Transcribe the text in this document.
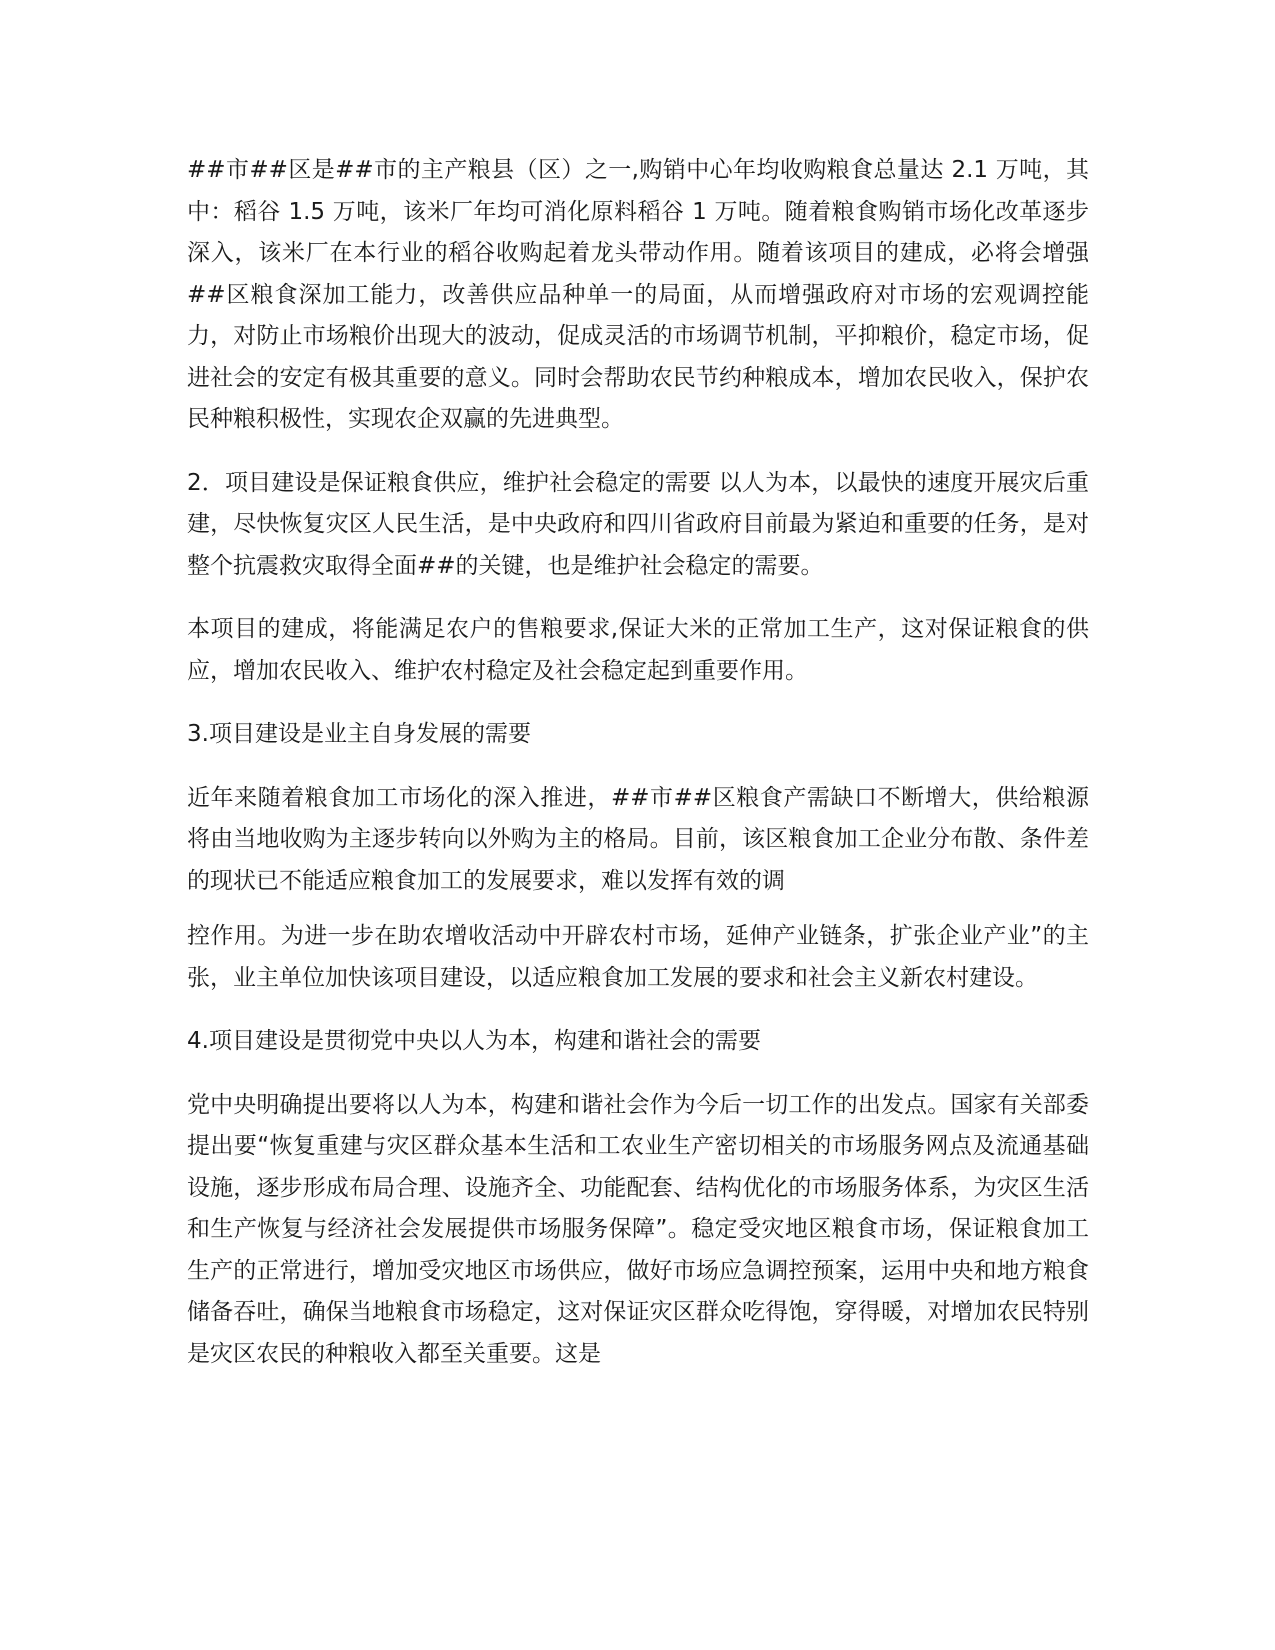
##市##区是##市的主产粮县（区）之一,购销中心年均收购粮食总量达 2.1 万吨，其中：稻谷 1.5 万吨，该米厂年均可消化原料稻谷 1 万吨。随着粮食购销市场化改革逐步深入，该米厂在本行业的稻谷收购起着龙头带动作用。随着该项目的建成，必将会增强##区粮食深加工能力，改善供应品种单一的局面，从而增强政府对市场的宏观调控能力，对防止市场粮价出现大的波动，促成灵活的市场调节机制，平抑粮价，稳定市场，促进社会的安定有极其重要的意义。同时会帮助农民节约种粮成本，增加农民收入，保护农民种粮积极性，实现农企双赢的先进典型。

2．项目建设是保证粮食供应，维护社会稳定的需要 以人为本，以最快的速度开展灾后重建，尽快恢复灾区人民生活，是中央政府和四川省政府目前最为紧迫和重要的任务，是对整个抗震救灾取得全面##的关键，也是维护社会稳定的需要。

本项目的建成，将能满足农户的售粮要求,保证大米的正常加工生产，这对保证粮食的供应，增加农民收入、维护农村稳定及社会稳定起到重要作用。

3.项目建设是业主自身发展的需要

近年来随着粮食加工市场化的深入推进，##市##区粮食产需缺口不断增大，供给粮源将由当地收购为主逐步转向以外购为主的格局。目前，该区粮食加工企业分布散、条件差的现状已不能适应粮食加工的发展要求，难以发挥有效的调

控作用。为进一步在助农增收活动中开辟农村市场，延伸产业链条，扩张企业产业”的主张，业主单位加快该项目建设，以适应粮食加工发展的要求和社会主义新农村建设。

4.项目建设是贯彻党中央以人为本，构建和谐社会的需要

党中央明确提出要将以人为本，构建和谐社会作为今后一切工作的出发点。国家有关部委提出要“恢复重建与灾区群众基本生活和工农业生产密切相关的市场服务网点及流通基础设施，逐步形成布局合理、设施齐全、功能配套、结构优化的市场服务体系，为灾区生活和生产恢复与经济社会发展提供市场服务保障”。稳定受灾地区粮食市场，保证粮食加工生产的正常进行，增加受灾地区市场供应，做好市场应急调控预案，运用中央和地方粮食储备吞吐，确保当地粮食市场稳定，这对保证灾区群众吃得饱，穿得暖，对增加农民特别是灾区农民的种粮收入都至关重要。这是
